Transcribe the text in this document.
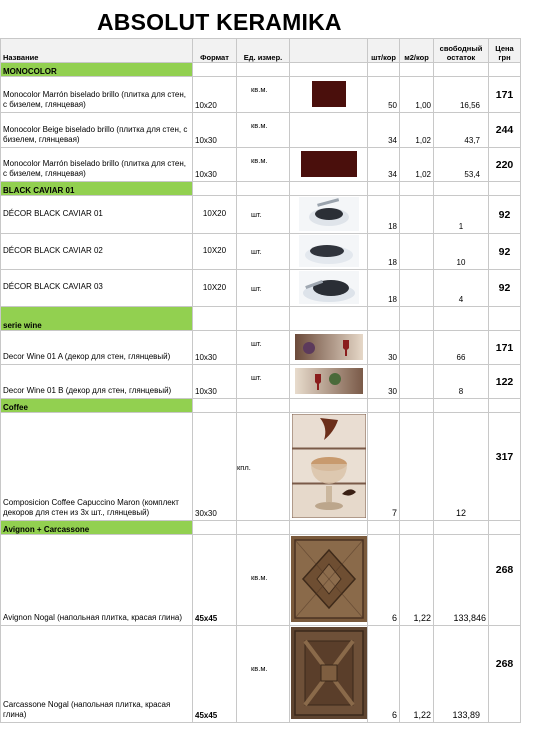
ABSOLUT KERAMIKA
Название	Формат	Ед. измер.		шт/кор	м2/кор	свободный остаток	Цена грн
MONOCOLOR							
Monocolor Marrón biselado brillo (плитка для стен, с бизелем, глянцевая)	10x20	кв.м.		50	1,00	16,56	171
Monocolor Beige biselado brillo (плитка для стен, с бизелем, глянцевая)	10x30	кв.м.		34	1,02	43,7	244
Monocolor Marrón biselado brillo (плитка для стен, с бизелем, глянцевая)	10x30	кв.м.		34	1,02	53,4	220
BLACK CAVIAR 01							
DÉCOR BLACK CAVIAR 01	10X20	шт.		18		1	92
DÉCOR BLACK CAVIAR 02	10X20	шт.		18		10	92
DÉCOR BLACK CAVIAR 03	10X20	шт.		18		4	92
serie wine							
Decor Wine 01 A (декор для стен, глянцевый)	10x30	шт.		30		66	171
Decor Wine 01 B (декор для стен, глянцевый)	10x30	шт.		30		8	122
Coffee							
Composicion Coffee Capuccino Maron (комплект декоров для стен из 3х шт., глянцевый)	30x30	кпл.		7		12	317
Avignon + Carcassone							
Avignon Nogal (напольная плитка, красая глина)	45x45	кв.м.		6	1,22	133,846	268
Carcassone Nogal (напольная плитка, красая глина)	45x45	кв.м.		6	1,22	133,89	268
